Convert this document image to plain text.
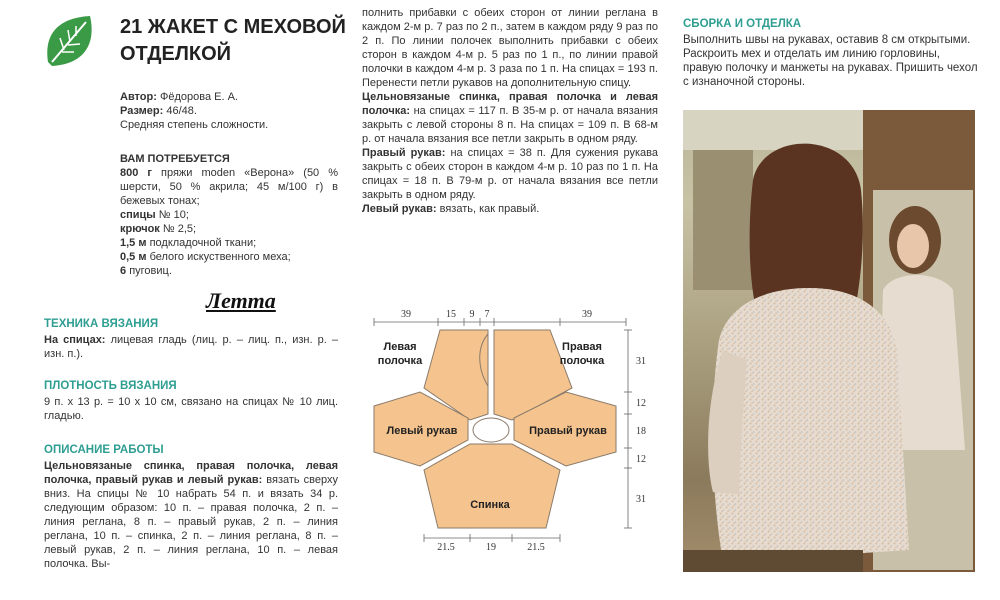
21 ЖАКЕТ С МЕХОВОЙ
ОТДЕЛКОЙ

Автор: Фёдорова Е. А.

Размер: 46/48.

Средняя степень сложности.

ВАМ ПОТРЕБУЕТСЯ

800 г пряжи moden «Верона» (50 % шерсти, 50 % акрила; 45 м/100 г) в бежевых тонах;

спицы № 10;

крючок № 2,5;

1,5 м подкладочной ткани;

0,5 м белого искуственного меха;

6 пуговиц.

Летта

ТЕХНИКА ВЯЗАНИЯ

На спицах: лицевая гладь (лиц. р. – лиц. п., изн. р. – изн. п.).

ПЛОТНОСТЬ ВЯЗАНИЯ

9 п. х 13 р. = 10 х 10 см, связано на спицах № 10 лиц. гладью.

ОПИСАНИЕ РАБОТЫ

Цельновязаные спинка, правая полочка, левая полочка, правый рукав и левый рукав: вязать сверху вниз. На спицы № 10 набрать 54 п. и вязать 34 р. следующим образом: 10 п. – правая полочка, 2 п. – линия реглана, 8 п. – правый рукав, 2 п. – линия реглана, 10 п. – спинка, 2 п. – линия реглана, 8 п. – левый рукав, 2 п. – линия реглана, 10 п. – левая полочка. Вы-

полнить прибавки с обеих сторон от линии реглана в каждом 2-м р. 7 раз по 2 п., затем в каждом ряду 9 раз по 2 п. По линии полочек выполнить прибавки с обеих сторон в каждом 4-м р. 5 раз по 1 п., по линии правой полочки в каждом 4-м р. 3 раза по 1 п. На спицах = 193 п. Перенести петли рукавов на дополнительную спицу.

Цельновязаные спинка, правая полочка и левая полочка: на спицах = 117 п. В 35-м р. от начала вязания закрыть с левой стороны 8 п. На спицах = 109 п. В 68-м р. от начала вязания все петли закрыть в одном ряду.

Правый рукав: на спицах = 38 п. Для сужения рукава закрыть с обеих сторон в каждом 4-м р. 10 раз по 1 п. На спицах = 18 п. В 79-м р. от начала вязания все петли закрыть в одном ряду.

Левый рукав: вязать, как правый.

СБОРКА И ОТДЕЛКА

Выполнить швы на рукавах, оставив 8 см открытыми. Раскроить мех и отделать им линию горловины, правую полочку и манжеты на рукавах. Пришить чехол с изнаночной стороны.

39	15 9 7	39
Левая
полочка
Правая
полочка
Левый рукав	Правый рукав
Спинка
31
12
18
12
31
21.5	19	21.5
